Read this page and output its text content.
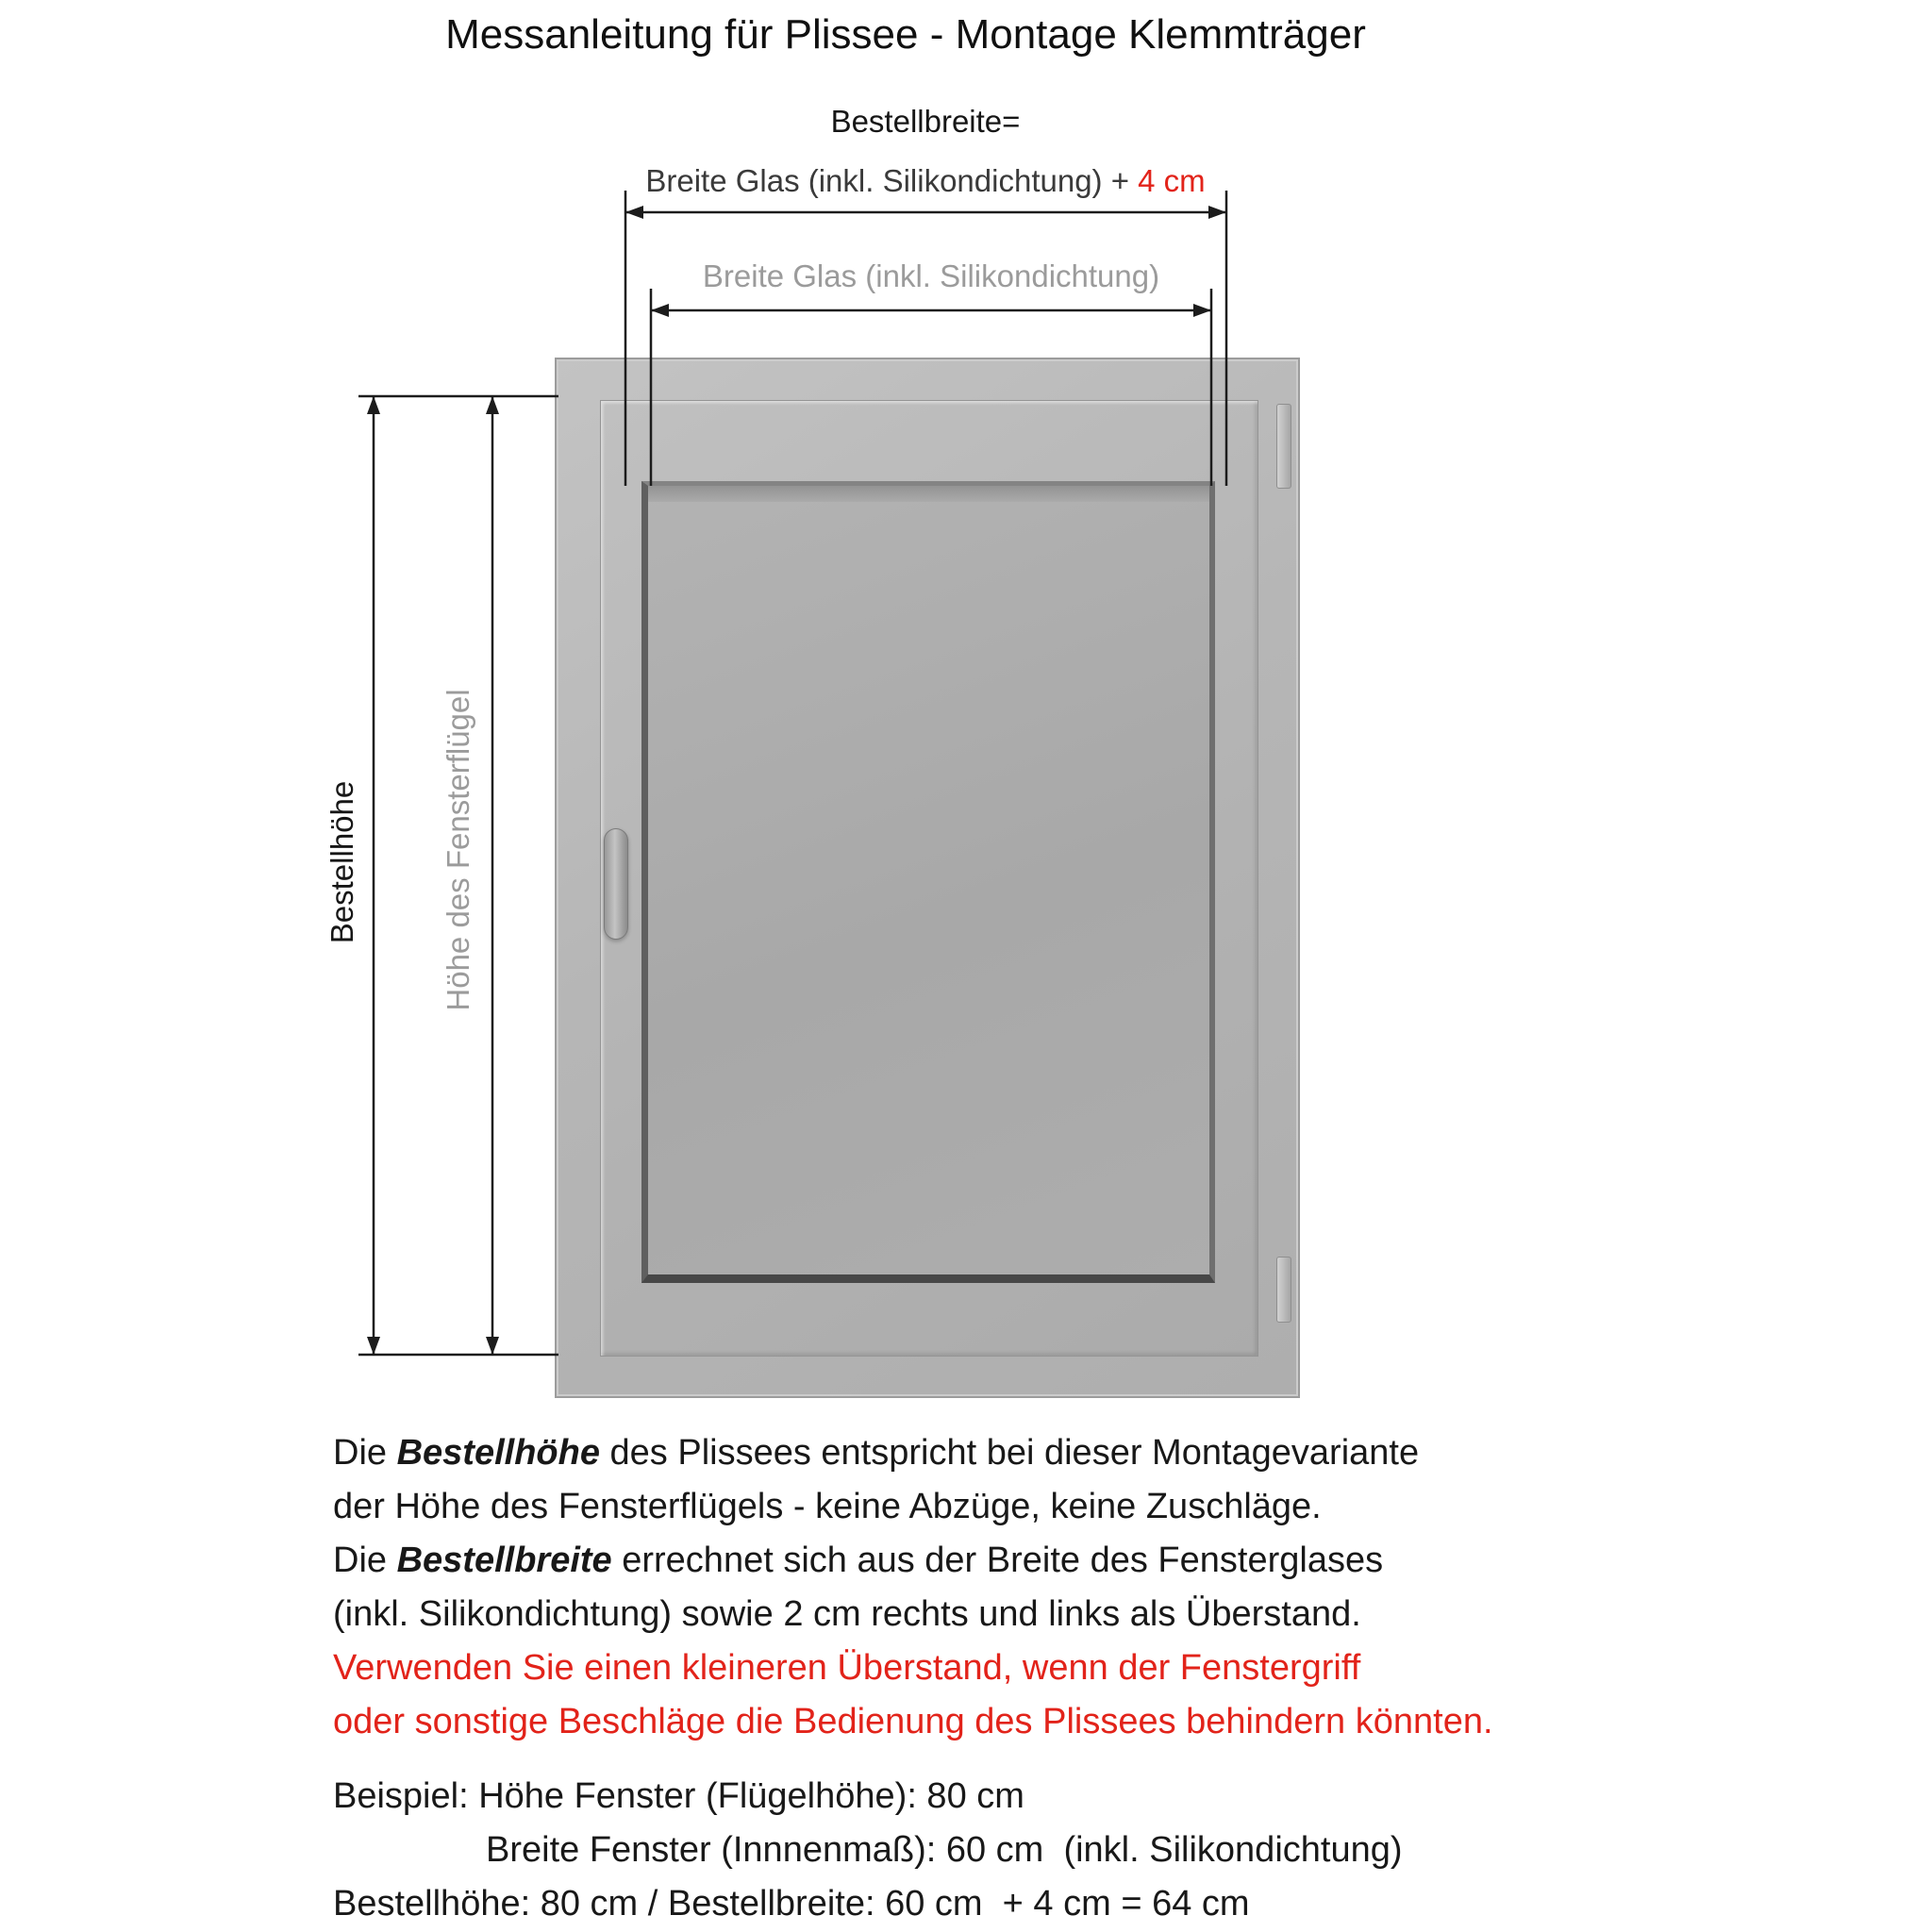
Messanleitung für Plissee - Montage Klemmträger
Bestellbreite=
Breite Glas (inkl. Silikondichtung) + 4 cm
Breite Glas (inkl. Silikondichtung)
Bestellhöhe	Höhe des Fensterflügel

Die Bestellhöhe des Plissees entspricht bei dieser Montagevariante

der Höhe des Fensterflügels - keine Abzüge, keine Zuschläge.

Die Bestellbreite errechnet sich aus der Breite des Fensterglases

(inkl. Silikondichtung) sowie 2 cm rechts und links als Überstand.

Verwenden Sie einen kleineren Überstand, wenn der Fenstergriff

oder sonstige Beschläge die Bedienung des Plissees behindern könnten.

Beispiel: Höhe Fenster (Flügelhöhe): 80 cm

Breite Fenster (Innnenmaß): 60 cm  (inkl. Silikondichtung)

Bestellhöhe: 80 cm / Bestellbreite: 60 cm  + 4 cm = 64 cm
